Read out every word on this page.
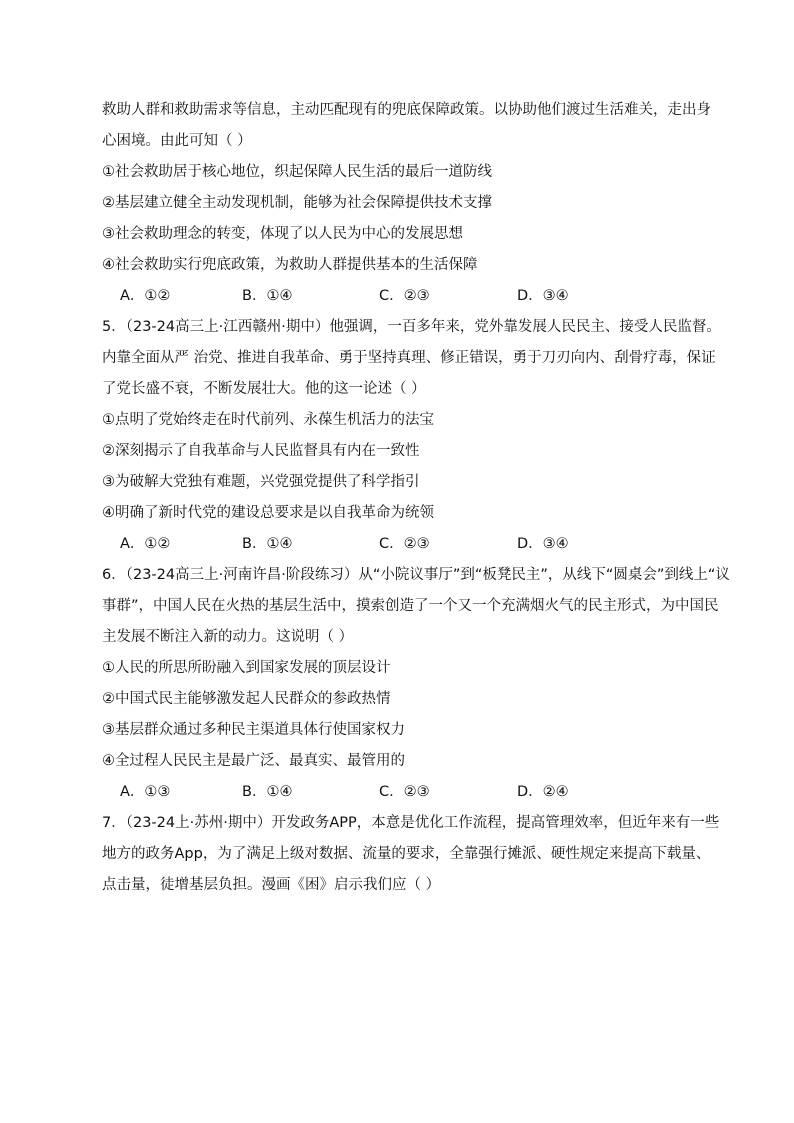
救助人群和救助需求等信息，主动匹配现有的兜底保障政策。以协助他们渡过生活难关，走出身
心困境。由此可知（ ）
①社会救助居于核心地位，织起保障人民生活的最后一道防线
②基层建立健全主动发现机制，能够为社会保障提供技术支撑
③社会救助理念的转变，体现了以人民为中心的发展思想
④社会救助实行兜底政策，为救助人群提供基本的生活保障
A．①②	B．①④	C．②③	D．③④
5．（23-24高三上·江西赣州·期中）他强调，一百多年来，党外靠发展人民民主、接受人民监督。
内靠全面从严 治党、推进自我革命、勇于坚持真理、修正错误，勇于刀刃向内、刮骨疗毒，保证
了党长盛不衰，不断发展壮大。他的这一论述（ ）
①点明了党始终走在时代前列、永葆生机活力的法宝
②深刻揭示了自我革命与人民监督具有内在一致性
③为破解大党独有难题，兴党强党提供了科学指引
④明确了新时代党的建设总要求是以自我革命为统领
A．①②	B．①④	C．②③	D．③④
6．（23-24高三上·河南许昌·阶段练习）从“小院议事厅”到“板凳民主”，从线下“圆桌会”到线上“议
事群”，中国人民在火热的基层生活中，摸索创造了一个又一个充满烟火气的民主形式，为中国民
主发展不断注入新的动力。这说明（ ）
①人民的所思所盼融入到国家发展的顶层设计
②中国式民主能够激发起人民群众的参政热情
③基层群众通过多种民主渠道具体行使国家权力
④全过程人民民主是最广泛、最真实、最管用的
A．①③	B．①④	C．②③	D．②④
7．（23-24上·苏州·期中）开发政务APP，本意是优化工作流程，提高管理效率，但近年来有一些
地方的政务App，为了满足上级对数据、流量的要求，全靠强行摊派、硬性规定来提高下载量、
点击量，徒增基层负担。漫画《困》启示我们应（ ）
